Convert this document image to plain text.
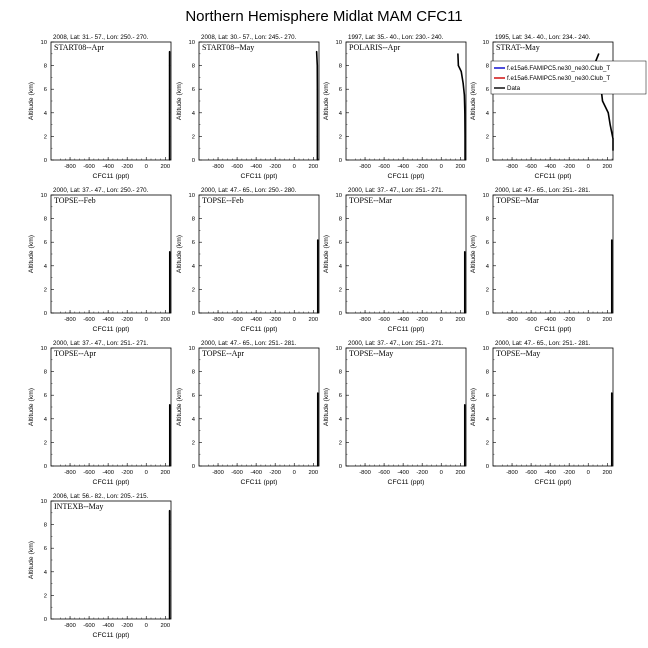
Northern Hemisphere Midlat MAM CFC11
2008, Lat: 31.- 57., Lon: 250.- 270.
START08--Apr
-800 -600 -400 -200 0 200
0
2
4
6
8
10
CFC11 (ppt)
Altitude (km)
2008, Lat: 30.- 57., Lon: 245.- 270.
START08--May
-800 -600 -400 -200 0 200
0
2
4
6
8
10
CFC11 (ppt)
Altitude (km)
1997, Lat: 35.- 40., Lon: 230.- 240.
POLARIS--Apr
-800 -600 -400 -200 0 200
0
2
4
6
8
10
CFC11 (ppt)
Altitude (km)
1995, Lat: 34.- 40., Lon: 234.- 240.
STRAT--May
-800 -600 -400 -200 0 200
0
2
4
6
8
10
CFC11 (ppt)
Altitude (km)
f.e15a6.FAMIPC5.ne30_ne30.Club_T
f.e15a6.FAMIPC5.ne30_ne30.Club_T
Data
2000, Lat: 37.- 47., Lon: 250.- 270.
TOPSE--Feb
-800 -600 -400 -200 0 200
0
2
4
6
8
10
CFC11 (ppt)
Altitude (km)
2000, Lat: 47.- 65., Lon: 250.- 280.
TOPSE--Feb
-800 -600 -400 -200 0 200
0
2
4
6
8
10
CFC11 (ppt)
Altitude (km)
2000, Lat: 37.- 47., Lon: 251.- 271.
TOPSE--Mar
-800 -600 -400 -200 0 200
0
2
4
6
8
10
CFC11 (ppt)
Altitude (km)
2000, Lat: 47.- 65., Lon: 251.- 281.
TOPSE--Mar
-800 -600 -400 -200 0 200
0
2
4
6
8
10
CFC11 (ppt)
Altitude (km)
2000, Lat: 37.- 47., Lon: 251.- 271.
TOPSE--Apr
-800 -600 -400 -200 0 200
0
2
4
6
8
10
CFC11 (ppt)
Altitude (km)
2000, Lat: 47.- 65., Lon: 251.- 281.
TOPSE--Apr
-800 -600 -400 -200 0 200
0
2
4
6
8
10
CFC11 (ppt)
Altitude (km)
2000, Lat: 37.- 47., Lon: 251.- 271.
TOPSE--May
-800 -600 -400 -200 0 200
0
2
4
6
8
10
CFC11 (ppt)
Altitude (km)
2000, Lat: 47.- 65., Lon: 251.- 281.
TOPSE--May
-800 -600 -400 -200 0 200
0
2
4
6
8
10
CFC11 (ppt)
Altitude (km)
2006, Lat: 56.- 82., Lon: 205.- 215.
INTEXB--May
-800 -600 -400 -200 0 200
0
2
4
6
8
10
CFC11 (ppt)
Altitude (km)
